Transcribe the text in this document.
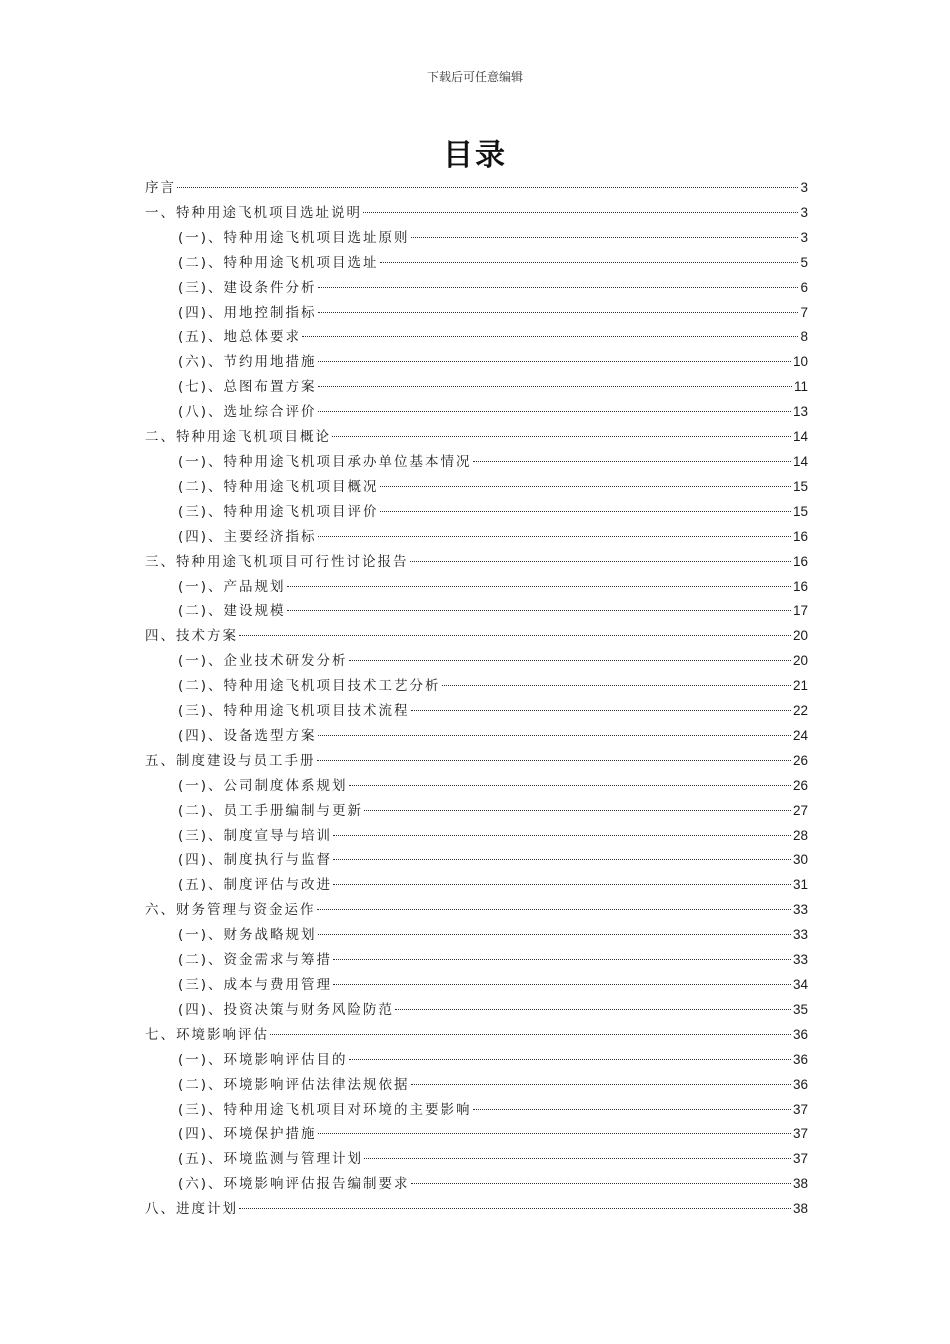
下载后可任意编辑
目录
序言	3
一、特种用途飞机项目选址说明	3
(一)、特种用途飞机项目选址原则	3
(二)、特种用途飞机项目选址	5
(三)、建设条件分析	6
(四)、用地控制指标	7
(五)、地总体要求	8
(六)、节约用地措施	10
(七)、总图布置方案	11
(八)、选址综合评价	13
二、特种用途飞机项目概论	14
(一)、特种用途飞机项目承办单位基本情况	14
(二)、特种用途飞机项目概况	15
(三)、特种用途飞机项目评价	15
(四)、主要经济指标	16
三、特种用途飞机项目可行性讨论报告	16
(一)、产品规划	16
(二)、建设规模	17
四、技术方案	20
(一)、企业技术研发分析	20
(二)、特种用途飞机项目技术工艺分析	21
(三)、特种用途飞机项目技术流程	22
(四)、设备选型方案	24
五、制度建设与员工手册	26
(一)、公司制度体系规划	26
(二)、员工手册编制与更新	27
(三)、制度宣导与培训	28
(四)、制度执行与监督	30
(五)、制度评估与改进	31
六、财务管理与资金运作	33
(一)、财务战略规划	33
(二)、资金需求与筹措	33
(三)、成本与费用管理	34
(四)、投资决策与财务风险防范	35
七、环境影响评估	36
(一)、环境影响评估目的	36
(二)、环境影响评估法律法规依据	36
(三)、特种用途飞机项目对环境的主要影响	37
(四)、环境保护措施	37
(五)、环境监测与管理计划	37
(六)、环境影响评估报告编制要求	38
八、进度计划	38
